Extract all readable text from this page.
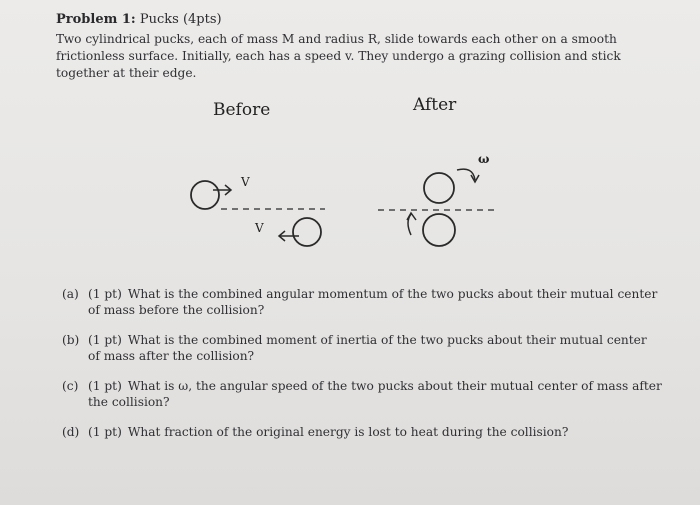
Problem 1: Pucks (4pts)
Two cylindrical pucks, each of mass M and radius R, slide towards each other on a smooth frictionless surface. Initially, each has a speed v. They undergo a grazing collision and stick together at their edge.
Before	After
V
V
ω
(a) (1 pt) What is the combined angular momentum of the two pucks about their mutual center of mass before the collision?
(b) (1 pt) What is the combined moment of inertia of the two pucks about their mutual center of mass after the collision?
(c) (1 pt) What is ω, the angular speed of the two pucks about their mutual center of mass after the collision?
(d) (1 pt) What fraction of the original energy is lost to heat during the collision?
